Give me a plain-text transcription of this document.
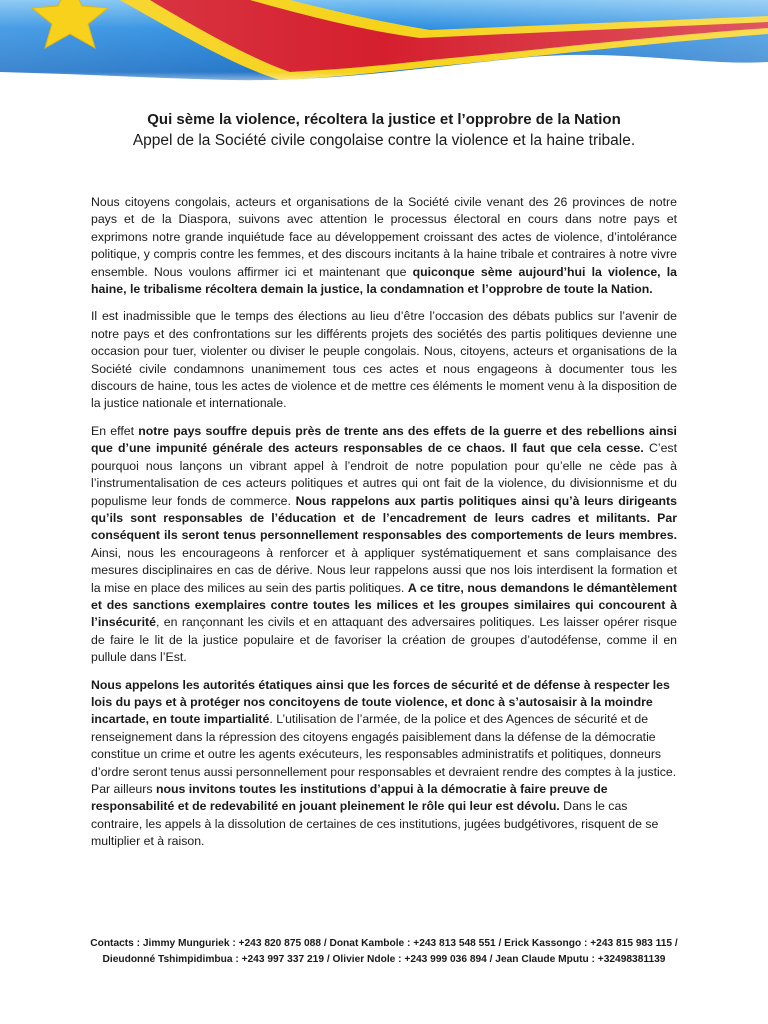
Qui sème la violence, récoltera la justice et l’opprobre de la Nation

Appel de la Société civile congolaise contre la violence et la haine tribale.

Nous citoyens congolais, acteurs et organisations de la Société civile venant des 26 provinces de notre pays et de la Diaspora, suivons avec attention le processus électoral en cours dans notre pays et exprimons notre grande inquiétude face au développement croissant des actes de violence, d’intolérance politique, y compris contre les femmes, et des discours incitants à la haine tribale et contraires à notre vivre ensemble. Nous voulons affirmer ici et maintenant que quiconque sème aujourd’hui la violence, la haine, le tribalisme récoltera demain la justice, la condamnation et l’opprobre de toute la Nation.

Il est inadmissible que le temps des élections au lieu d’être l’occasion des débats publics sur l’avenir de notre pays et des confrontations sur les différents projets des sociétés des partis politiques devienne une occasion pour tuer, violenter ou diviser le peuple congolais. Nous, citoyens, acteurs et organisations de la Société civile condamnons unanimement tous ces actes et nous engageons à documenter tous les discours de haine, tous les actes de violence et de mettre ces éléments le moment venu à la disposition de la justice nationale et internationale.

En effet notre pays souffre depuis près de trente ans des effets de la guerre et des rebellions ainsi que d’une impunité générale des acteurs responsables de ce chaos. Il faut que cela cesse. C’est pourquoi nous lançons un vibrant appel à l’endroit de notre population pour qu’elle ne cède pas à l’instrumentalisation de ces acteurs politiques et autres qui ont fait de la violence, du divisionnisme et du populisme leur fonds de commerce. Nous rappelons aux partis politiques ainsi qu’à leurs dirigeants qu’ils sont responsables de l’éducation et de l’encadrement de leurs cadres et militants. Par conséquent ils seront tenus personnellement responsables des comportements de leurs membres. Ainsi, nous les encourageons à renforcer et à appliquer systématiquement et sans complaisance des mesures disciplinaires en cas de dérive. Nous leur rappelons aussi que nos lois interdisent la formation et la mise en place des milices au sein des partis politiques. A ce titre, nous demandons le démantèlement et des sanctions exemplaires contre toutes les milices et les groupes similaires qui concourent à l’insécurité, en rançonnant les civils et en attaquant des adversaires politiques. Les laisser opérer risque de faire le lit de la justice populaire et de favoriser la création de groupes d’autodéfense, comme il en pullule dans l’Est.

Nous appelons les autorités étatiques ainsi que les forces de sécurité et de défense à respecter les lois du pays et à protéger nos concitoyens de toute violence, et donc à s’autosaisir à la moindre incartade, en toute impartialité. L’utilisation de l’armée, de la police et des Agences de sécurité et de renseignement dans la répression des citoyens engagés paisiblement dans la défense de la démocratie constitue un crime et outre les agents exécuteurs, les responsables administratifs et politiques, donneurs d’ordre seront tenus aussi personnellement pour responsables et devraient rendre des comptes à la justice. Par ailleurs nous invitons toutes les institutions d’appui à la démocratie à faire preuve de responsabilité et de redevabilité en jouant pleinement le rôle qui leur est dévolu. Dans le cas contraire, les appels à la dissolution de certaines de ces institutions, jugées budgétivores, risquent de se multiplier et à raison.

Contacts : Jimmy Munguriek : +243 820 875 088 / Donat Kambole : +243 813 548 551 / Erick Kassongo : +243 815 983 115 / Dieudonné Tshimpidimbua : +243 997 337 219 / Olivier Ndole : +243 999 036 894 / Jean Claude Mputu : +32498381139
